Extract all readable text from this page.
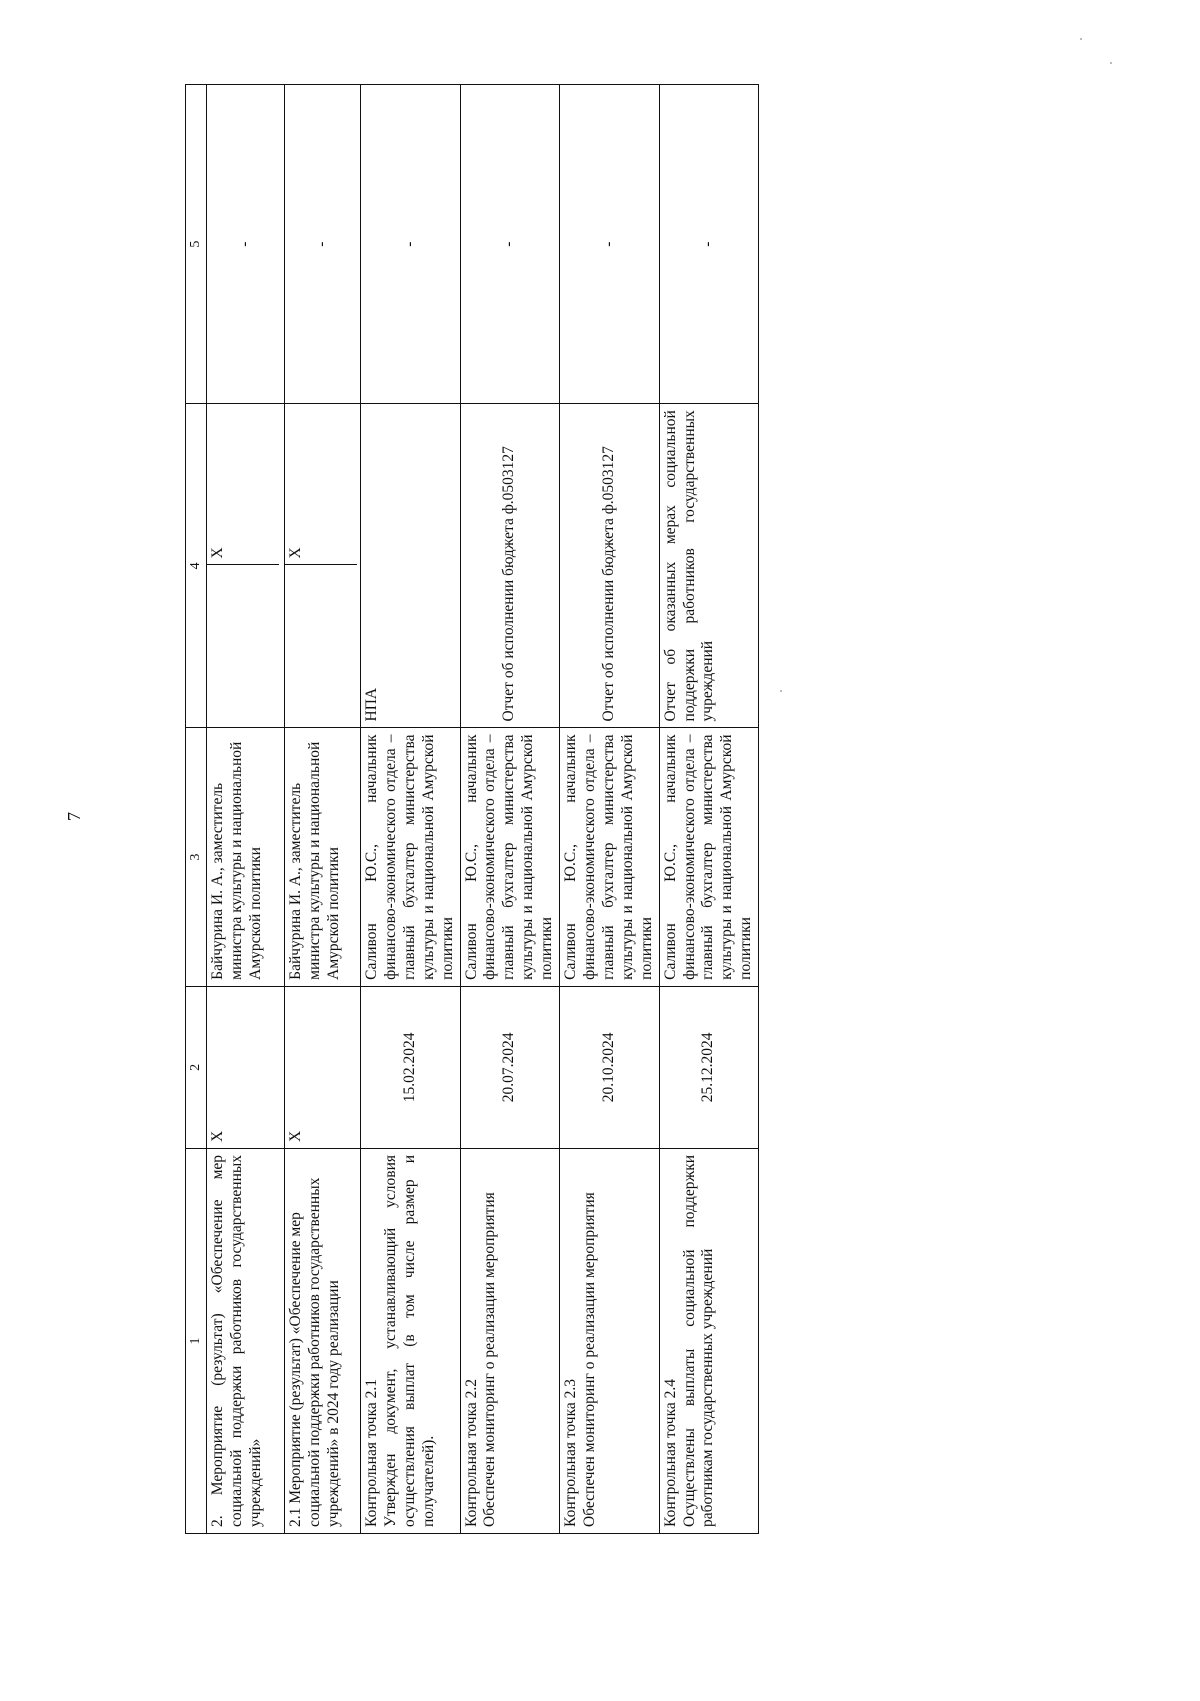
7
1	2	3	4	5
2. Мероприятие (результат) «Обеспечение мер социальной поддержки работников государственных учреждений»	X	Байчурина И. А., заместитель министра культуры и национальной Амурской политики	X	-
2.1 Мероприятие (результат) «Обеспечение мер социальной поддержки работников государственных учреждений» в 2024 году реализации	X	Байчурина И. А., заместитель министра культуры и национальной Амурской политики	X	-

Контрольная точка 2.1 Утвержден документ, устанавливающий условия осуществления выплат (в том числе размер и получателей).	15.02.2024	Саливон Ю.С., начальник финансово-экономического отдела – главный бухгалтер министерства культуры и национальной Амурской политики	НПА	-

Контрольная точка 2.2 Обеспечен мониторинг о реализации мероприятия	20.07.2024	Саливон Ю.С., начальник финансово-экономического отдела – главный бухгалтер министерства культуры и национальной Амурской политики	Отчет об исполнении бюджета ф.0503127	-

Контрольная точка 2.3 Обеспечен мониторинг о реализации мероприятия	20.10.2024	Саливон Ю.С., начальник финансово-экономического отдела – главный бухгалтер министерства культуры и национальной Амурской политики	Отчет об исполнении бюджета ф.0503127	-

Контрольная точка 2.4 Осуществлены выплаты социальной поддержки работникам государственных учреждений	25.12.2024	Саливон Ю.С., начальник финансово-экономического отдела – главный бухгалтер министерства культуры и национальной Амурской политики	Отчет об оказанных мерах социальной поддержки работников государственных учреждений	-
